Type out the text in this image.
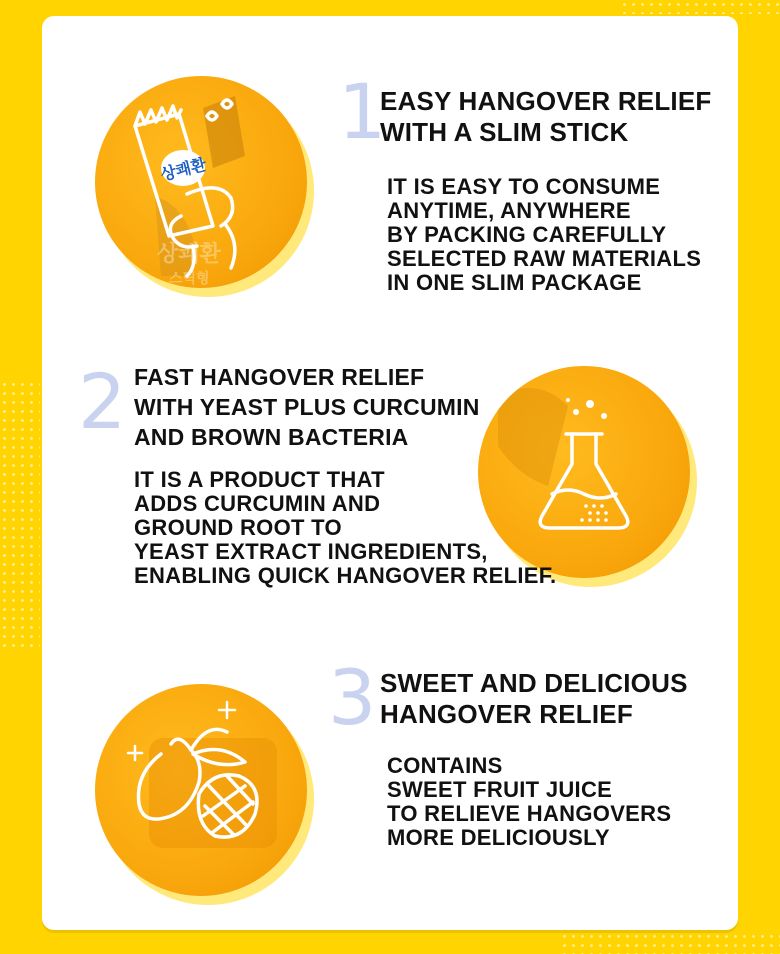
상쾌환
상쾌환
스틱형
1
EASY HANGOVER RELIEF
WITH A SLIM STICK
IT IS EASY TO CONSUME
ANYTIME, ANYWHERE
BY PACKING CAREFULLY
SELECTED RAW MATERIALS
IN ONE SLIM PACKAGE
2 FAST HANGOVER RELIEF
WITH YEAST PLUS CURCUMIN
AND BROWN BACTERIA
IT IS A PRODUCT THAT
ADDS CURCUMIN AND
GROUND ROOT TO
YEAST EXTRACT INGREDIENTS,
ENABLING QUICK HANGOVER RELIEF.
3 SWEET AND DELICIOUS
HANGOVER RELIEF
CONTAINS
SWEET FRUIT JUICE
TO RELIEVE HANGOVERS
MORE DELICIOUSLY
